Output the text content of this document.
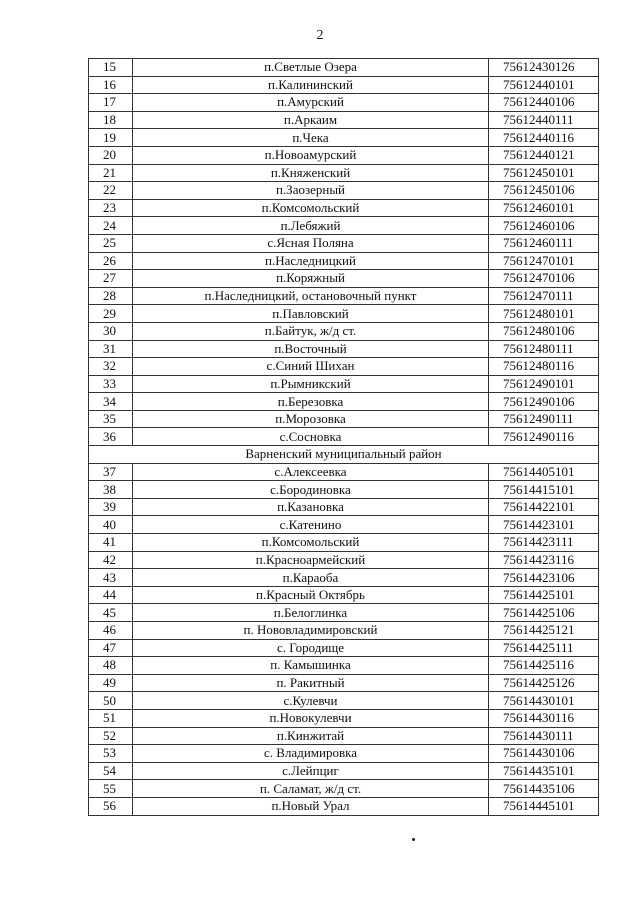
2
15	п.Светлые Озера	75612430126
16	п.Калининский	75612440101
17	п.Амурский	75612440106
18	п.Аркаим	75612440111
19	п.Чека	75612440116
20	п.Новоамурский	75612440121
21	п.Княженский	75612450101
22	п.Заозерный	75612450106
23	п.Комсомольский	75612460101
24	п.Лебяжий	75612460106
25	с.Ясная Поляна	75612460111
26	п.Наследницкий	75612470101
27	п.Коряжный	75612470106
28	п.Наследницкий, остановочный пункт	75612470111
29	п.Павловский	75612480101
30	п.Байтук, ж/д ст.	75612480106
31	п.Восточный	75612480111
32	с.Синий Шихан	75612480116
33	п.Рымникский	75612490101
34	п.Березовка	75612490106
35	п.Морозовка	75612490111
36	с.Сосновка	75612490116
Варненский муниципальный район		
37	с.Алексеевка	75614405101
38	с.Бородиновка	75614415101
39	п.Казановка	75614422101
40	с.Катенино	75614423101
41	п.Комсомольский	75614423111
42	п.Красноармейский	75614423116
43	п.Караоба	75614423106
44	п.Красный Октябрь	75614425101
45	п.Белоглинка	75614425106
46	п. Нововладимировский	75614425121
47	с. Городище	75614425111
48	п. Камышинка	75614425116
49	п. Ракитный	75614425126
50	с.Кулевчи	75614430101
51	п.Новокулевчи	75614430116
52	п.Кинжитай	75614430111
53	с. Владимировка	75614430106
54	с.Лейпциг	75614435101
55	п. Саламат, ж/д ст.	75614435106
56	п.Новый Урал	75614445101
